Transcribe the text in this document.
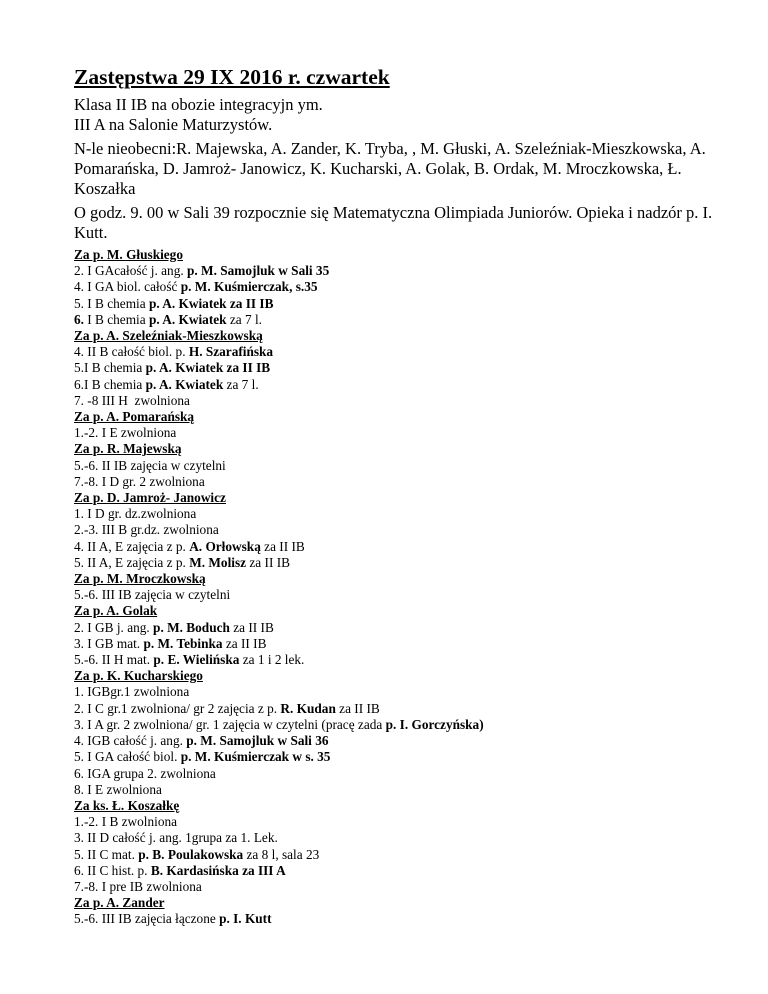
Zastępstwa 29 IX 2016 r. czwartek

Klasa II IB na obozie integracyjn ym.

III A na Salonie Maturzystów.

N-le nieobecni:R. Majewska, A. Zander, K. Tryba, , M. Głuski, A. Szeleźniak-Mieszkowska, A. Pomarańska, D. Jamroż- Janowicz, K. Kucharski, A. Golak, B. Ordak, M. Mroczkowska, Ł. Koszałka

O godz. 9. 00 w Sali 39 rozpocznie się Matematyczna Olimpiada Juniorów. Opieka i nadzór p. I. Kutt.

Za p. M. Głuskiego
2. I GAcałość j. ang. p. M. Samojluk w Sali 35
4. I GA biol. całość p. M. Kuśmierczak, s.35
5. I B chemia p. A. Kwiatek za II IB
6. I B chemia p. A. Kwiatek za 7 l.
Za p. A. Szeleźniak-Mieszkowską
4. II B całość biol. p. H. Szarafińska
5.I B chemia p. A. Kwiatek za II IB
6.I B chemia p. A. Kwiatek za 7 l.
7. -8 III H  zwolniona
Za p. A. Pomarańską
1.-2. I E zwolniona
Za p. R. Majewską
5.-6. II IB zajęcia w czytelni
7.-8. I D gr. 2 zwolniona
Za p. D. Jamroż- Janowicz
1. I D gr. dz.zwolniona
2.-3. III B gr.dz. zwolniona
4. II A, E zajęcia z p. A. Orłowską za II IB
5. II A, E zajęcia z p. M. Molisz za II IB
Za p. M. Mroczkowską
5.-6. III IB zajęcia w czytelni
Za p. A. Golak
2. I GB j. ang. p. M. Boduch za II IB
3. I GB mat. p. M. Tebinka za II IB
5.-6. II H mat. p. E. Wielińska za 1 i 2 lek.
Za p. K. Kucharskiego
1. IGBgr.1 zwolniona
2. I C gr.1 zwolniona/ gr 2 zajęcia z p. R. Kudan za II IB
3. I A gr. 2 zwolniona/ gr. 1 zajęcia w czytelni (pracę zada p. I. Gorczyńska)
4. IGB całość j. ang. p. M. Samojluk w Sali 36
5. I GA całość biol. p. M. Kuśmierczak w s. 35
6. IGA grupa 2. zwolniona
8. I E zwolniona
Za ks. Ł. Koszałkę
1.-2. I B zwolniona
3. II D całość j. ang. 1grupa za 1. Lek.
5. II C mat. p. B. Poulakowska za 8 l, sala 23
6. II C hist. p. B. Kardasińska za III A
7.-8. I pre IB zwolniona
Za p. A. Zander
5.-6. III IB zajęcia łączone p. I. Kutt
